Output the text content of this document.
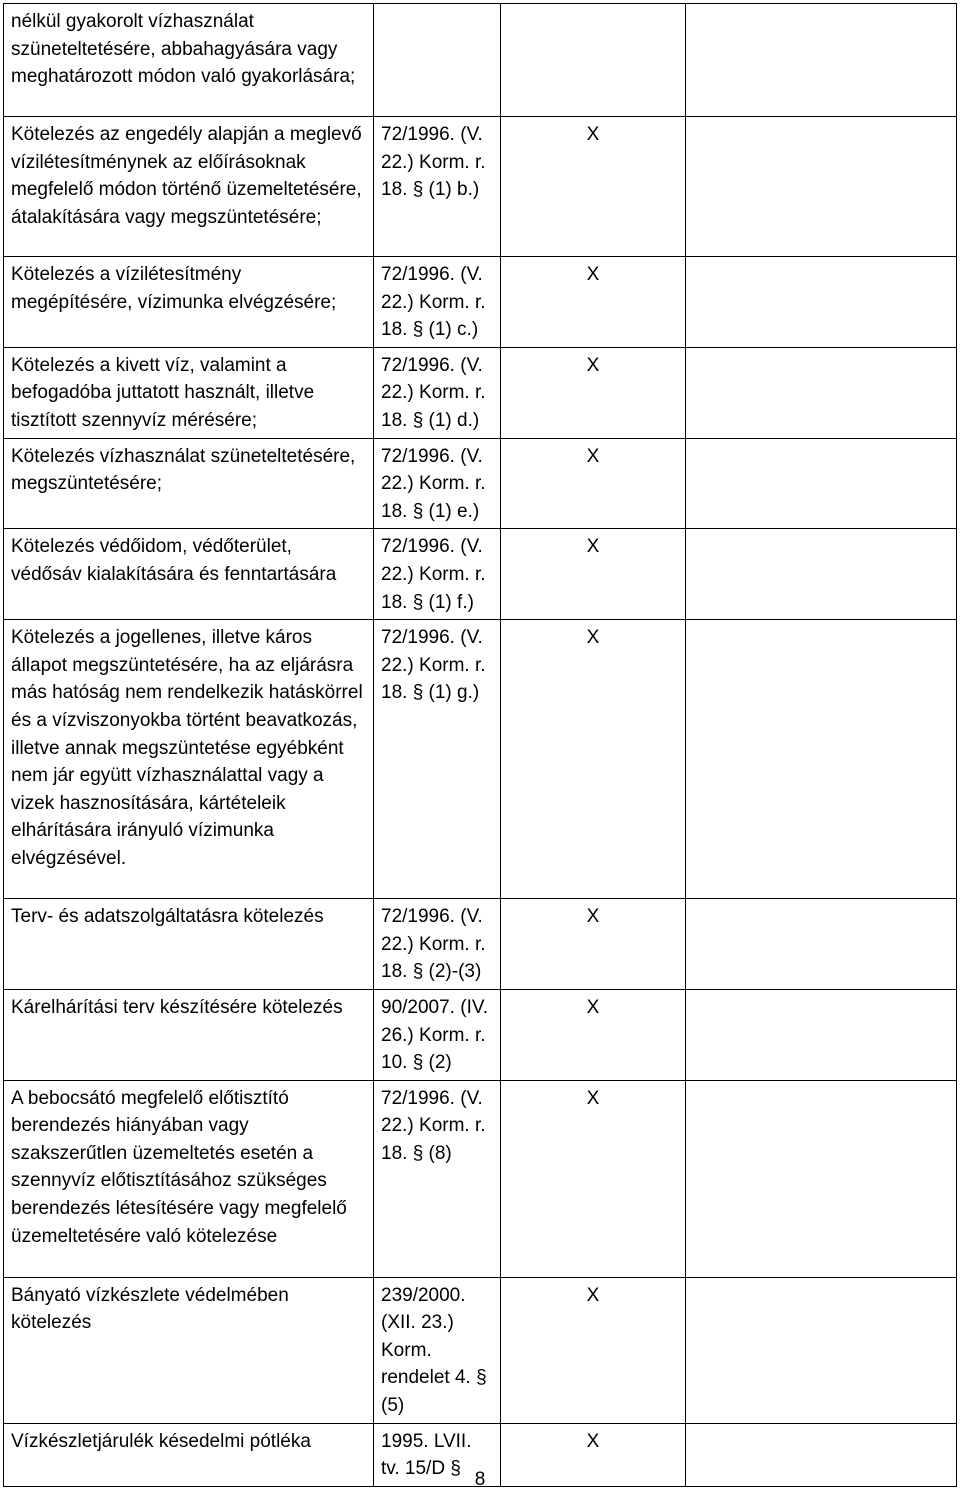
nélkül gyakorolt vízhasználat szüneteltetésére, abbahagyására vagy meghatározott módon való gyakorlására;			
Kötelezés az engedély alapján a meglevő vízilétesítménynek az előírásoknak megfelelő módon történő üzemeltetésére, átalakítására vagy megszüntetésére;	72/1996. (V. 22.) Korm. r. 18. § (1) b.)	X	
Kötelezés a vízilétesítmény megépítésére, vízimunka elvégzésére;	72/1996. (V. 22.) Korm. r. 18. § (1) c.)	X	
Kötelezés a kivett víz, valamint a befogadóba juttatott használt, illetve tisztított szennyvíz mérésére;	72/1996. (V. 22.) Korm. r. 18. § (1) d.)	X	
Kötelezés vízhasználat szüneteltetésére, megszüntetésére;	72/1996. (V. 22.) Korm. r. 18. § (1) e.)	X	
Kötelezés védőidom, védőterület, védősáv kialakítására és fenntartására	72/1996. (V. 22.) Korm. r. 18. § (1) f.)	X	
Kötelezés a jogellenes, illetve káros állapot megszüntetésére, ha az eljárásra más hatóság nem rendelkezik hatáskörrel és a vízviszonyokba történt beavatkozás, illetve annak megszüntetése egyébként nem jár együtt vízhasználattal vagy a vizek hasznosítására, kártételeik elhárítására irányuló vízimunka elvégzésével.	72/1996. (V. 22.) Korm. r. 18. § (1) g.)	X	
Terv- és adatszolgáltatásra kötelezés	72/1996. (V. 22.) Korm. r. 18. § (2)-(3)	X	
Kárelhárítási terv készítésére kötelezés	90/2007. (IV. 26.) Korm. r. 10. § (2)	X	
A bebocsátó megfelelő előtisztító berendezés hiányában vagy szakszerűtlen üzemeltetés esetén a szennyvíz előtisztításához szükséges berendezés létesítésére vagy megfelelő üzemeltetésére való kötelezése	72/1996. (V. 22.) Korm. r. 18. § (8)	X	
Bányató vízkészlete védelmében kötelezés	239/2000. (XII. 23.) Korm. rendelet 4. § (5)	X	
Vízkészletjárulék késedelmi pótléka	1995. LVII. tv. 15/D §	X	
8
